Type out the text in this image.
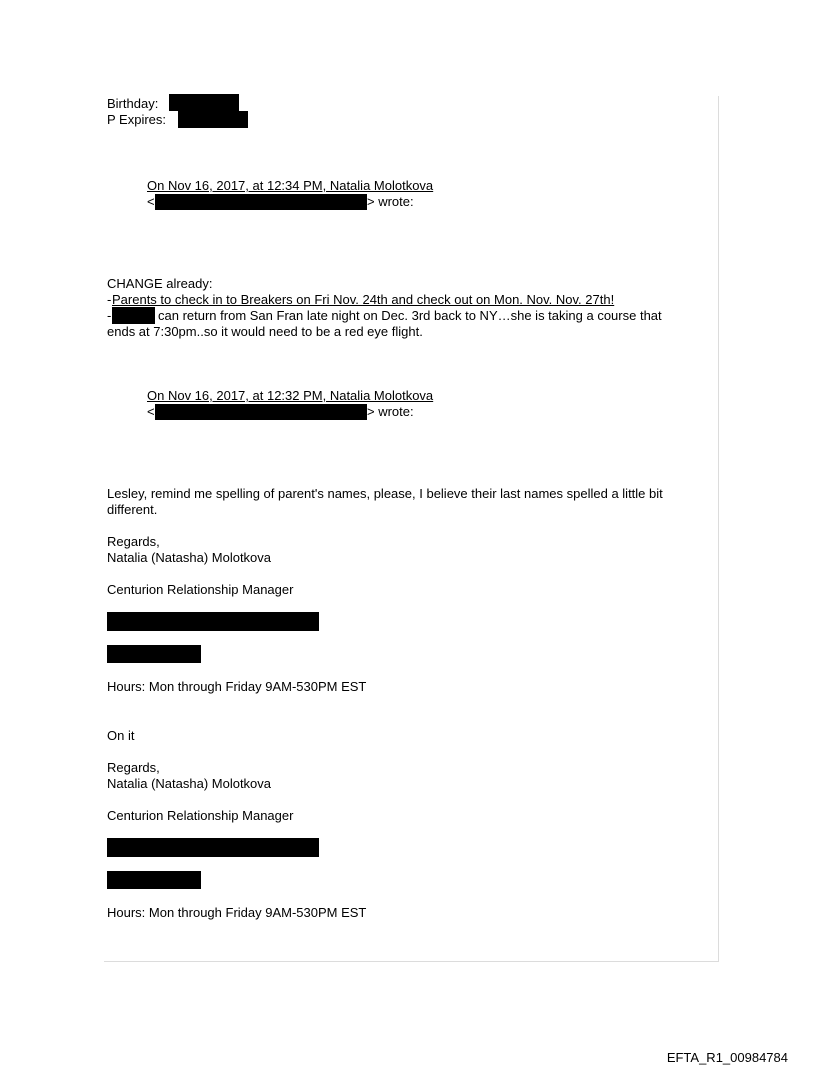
Birthday:
P Expires:
On Nov 16, 2017, at 12:34 PM, Natalia Molotkova
<	> wrote:
CHANGE already:
- Parents to check in to Breakers on Fri Nov. 24th and check out on Mon. Nov. Nov. 27th!
-	can return from San Fran late night on Dec. 3rd back to NY…she is taking a course that
ends at 7:30pm..so it would need to be a red eye flight.
On Nov 16, 2017, at 12:32 PM, Natalia Molotkova
<	> wrote:
Lesley, remind me spelling of parent's names, please, I believe their last names spelled a little bit
different.
Regards,
Natalia (Natasha) Molotkova
Centurion Relationship Manager
Hours: Mon through Friday 9AM-530PM EST
On it
Regards,
Natalia (Natasha) Molotkova
Centurion Relationship Manager
Hours: Mon through Friday 9AM-530PM EST
EFTA_R1_00984784
